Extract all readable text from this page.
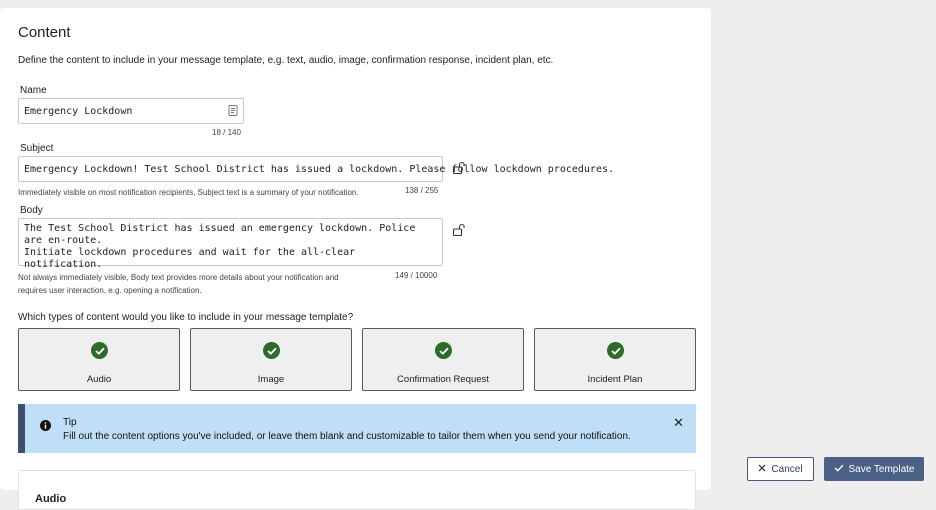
Content
Define the content to include in your message template, e.g. text, audio, image, confirmation response, incident plan, etc.
Name
Emergency Lockdown
18 / 140
Subject
Emergency Lockdown! Test School District has issued a lockdown. Please follow lockdown procedures.
Immediately visible on most notification recipients, Subject text is a summary of your notification.	138 / 255
Body
The Test School District has issued an emergency lockdown. Police are en-route.
Initiate lockdown procedures and wait for the all-clear notification.
Not always immediately visible, Body text provides more details about your notification and
requires user interaction, e.g. opening a notification.
149 / 10000
Which types of content would you like to include in your message template?
Audio	Image	Confirmation Request	Incident Plan
Tip
Fill out the content options you've included, or leave them blank and customizable to tailor them when you send your notification.
✕
Audio
Cancel	Save Template
